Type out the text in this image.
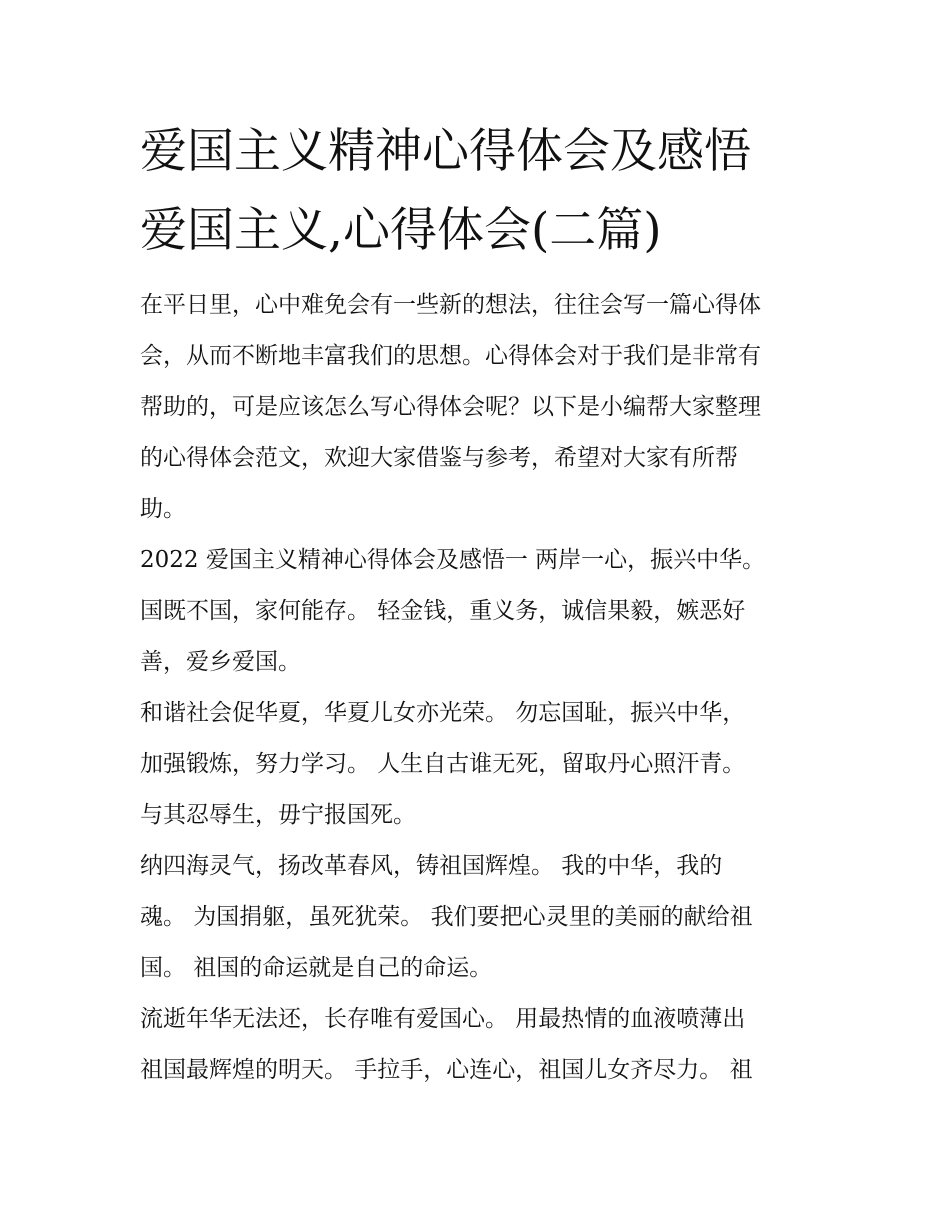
爱国主义精神心得体会及感悟
爱国主义,心得体会(二篇)
在平日里，心中难免会有一些新的想法，往往会写一篇心得体
会，从而不断地丰富我们的思想。心得体会对于我们是非常有
帮助的，可是应该怎么写心得体会呢？以下是小编帮大家整理
的心得体会范文，欢迎大家借鉴与参考，希望对大家有所帮
助。
2022 爱国主义精神心得体会及感悟一 两岸一心，振兴中华。
国既不国，家何能存。 轻金钱，重义务，诚信果毅，嫉恶好
善，爱乡爱国。
和谐社会促华夏，华夏儿女亦光荣。 勿忘国耻，振兴中华，
加强锻炼，努力学习。 人生自古谁无死，留取丹心照汗青。
与其忍辱生，毋宁报国死。
纳四海灵气，扬改革春风，铸祖国辉煌。 我的中华，我的
魂。 为国捐躯，虽死犹荣。 我们要把心灵里的美丽的献给祖
国。 祖国的命运就是自己的命运。
流逝年华无法还，长存唯有爱国心。 用最热情的血液喷薄出
祖国最辉煌的明天。 手拉手，心连心，祖国儿女齐尽力。 祖
